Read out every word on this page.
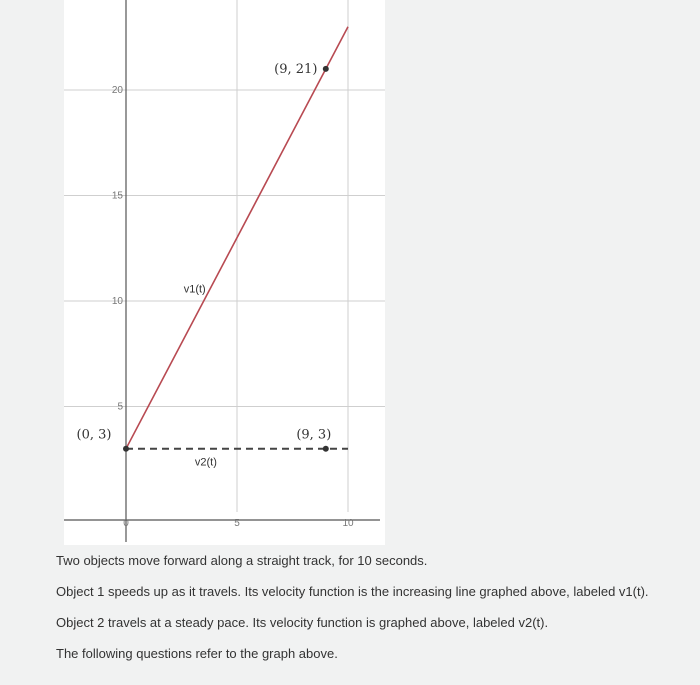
5
10
15
20
0	5	10
v1(t)
v2(t)
(0, 3)
(9, 21)
(9, 3)

Two objects move forward along a straight track, for 10 seconds.

Object 1 speeds up as it travels. Its velocity function is the increasing line graphed above, labeled v1(t).

Object 2 travels at a steady pace. Its velocity function is graphed above, labeled v2(t).

The following questions refer to the graph above.
